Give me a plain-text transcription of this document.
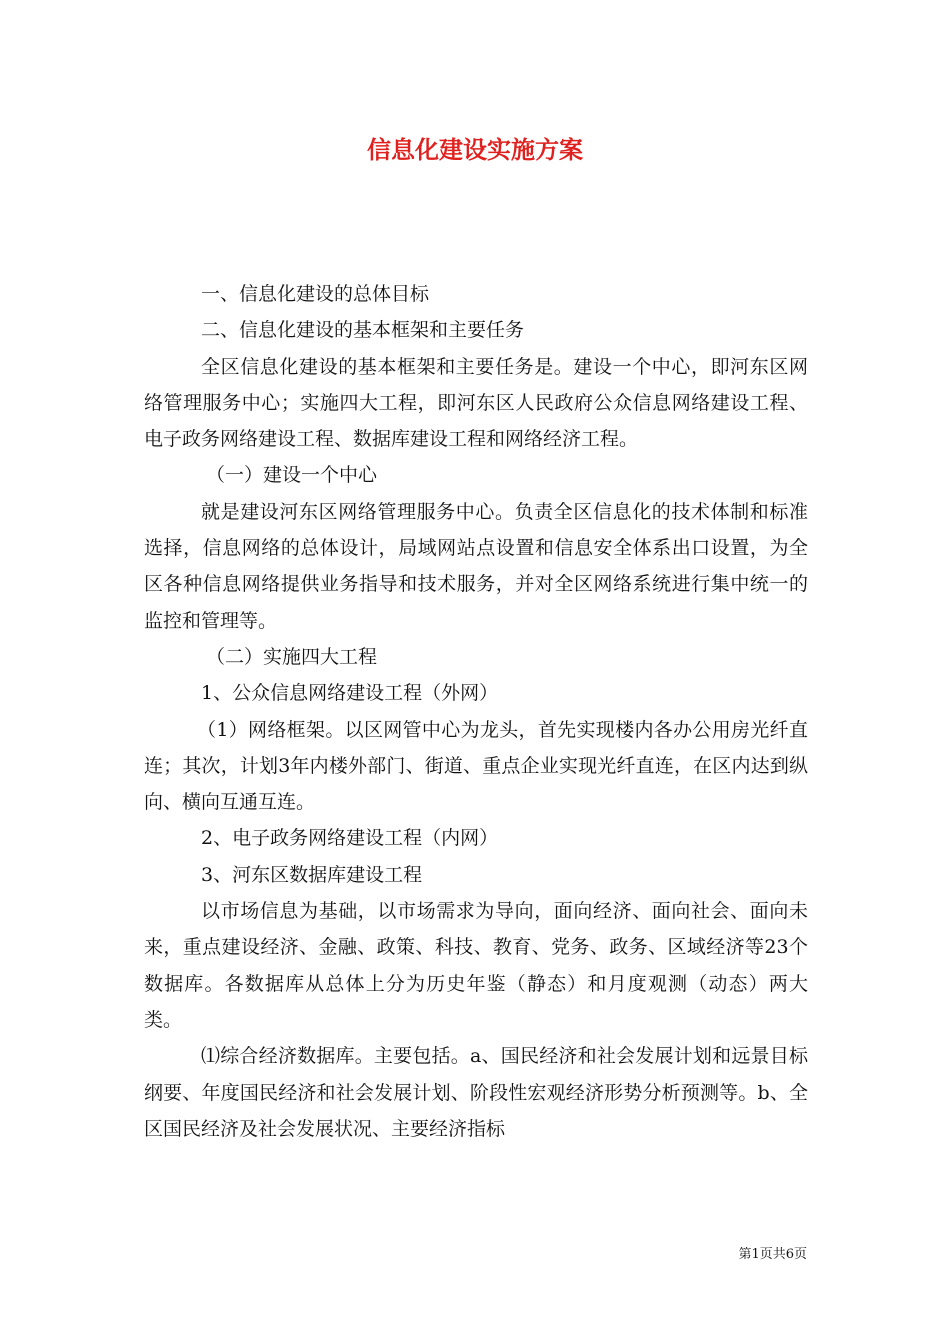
信息化建设实施方案

一、信息化建设的总体目标

二、信息化建设的基本框架和主要任务

全区信息化建设的基本框架和主要任务是。建设一个中心，即河东区网络管理服务中心；实施四大工程，即河东区人民政府公众信息网络建设工程、电子政务网络建设工程、数据库建设工程和网络经济工程。

（一）建设一个中心

就是建设河东区网络管理服务中心。负责全区信息化的技术体制和标准选择，信息网络的总体设计，局域网站点设置和信息安全体系出口设置，为全区各种信息网络提供业务指导和技术服务，并对全区网络系统进行集中统一的监控和管理等。

（二）实施四大工程

1、公众信息网络建设工程（外网）

（1）网络框架。以区网管中心为龙头，首先实现楼内各办公用房光纤直连；其次，计划3年内楼外部门、街道、重点企业实现光纤直连，在区内达到纵向、横向互通互连。

2、电子政务网络建设工程（内网）

3、河东区数据库建设工程

以市场信息为基础，以市场需求为导向，面向经济、面向社会、面向未来，重点建设经济、金融、政策、科技、教育、党务、政务、区域经济等23个数据库。各数据库从总体上分为历史年鉴（静态）和月度观测（动态）两大类。

⑴综合经济数据库。主要包括。a、国民经济和社会发展计划和远景目标纲要、年度国民经济和社会发展计划、阶段性宏观经济形势分析预测等。b、全区国民经济及社会发展状况、主要经济指标

第1页共6页
